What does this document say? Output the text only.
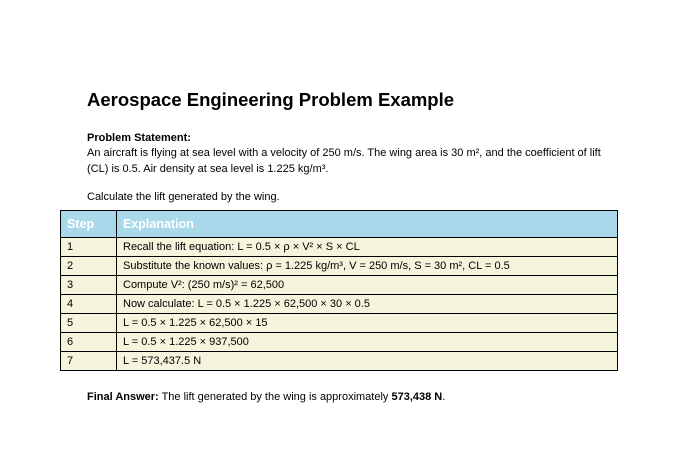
Aerospace Engineering Problem Example
Problem Statement:
An aircraft is flying at sea level with a velocity of 250 m/s. The wing area is 30 m², and the coefficient of lift (CL) is 0.5. Air density at sea level is 1.225 kg/m³.
Calculate the lift generated by the wing.
Step	Explanation
1	Recall the lift equation: L = 0.5 × ρ × V² × S × CL
2	Substitute the known values: ρ = 1.225 kg/m³, V = 250 m/s, S = 30 m², CL = 0.5
3	Compute V²: (250 m/s)² = 62,500
4	Now calculate: L = 0.5 × 1.225 × 62,500 × 30 × 0.5
5	L = 0.5 × 1.225 × 62,500 × 15
6	L = 0.5 × 1.225 × 937,500
7	L = 573,437.5 N
Final Answer: The lift generated by the wing is approximately 573,438 N.
